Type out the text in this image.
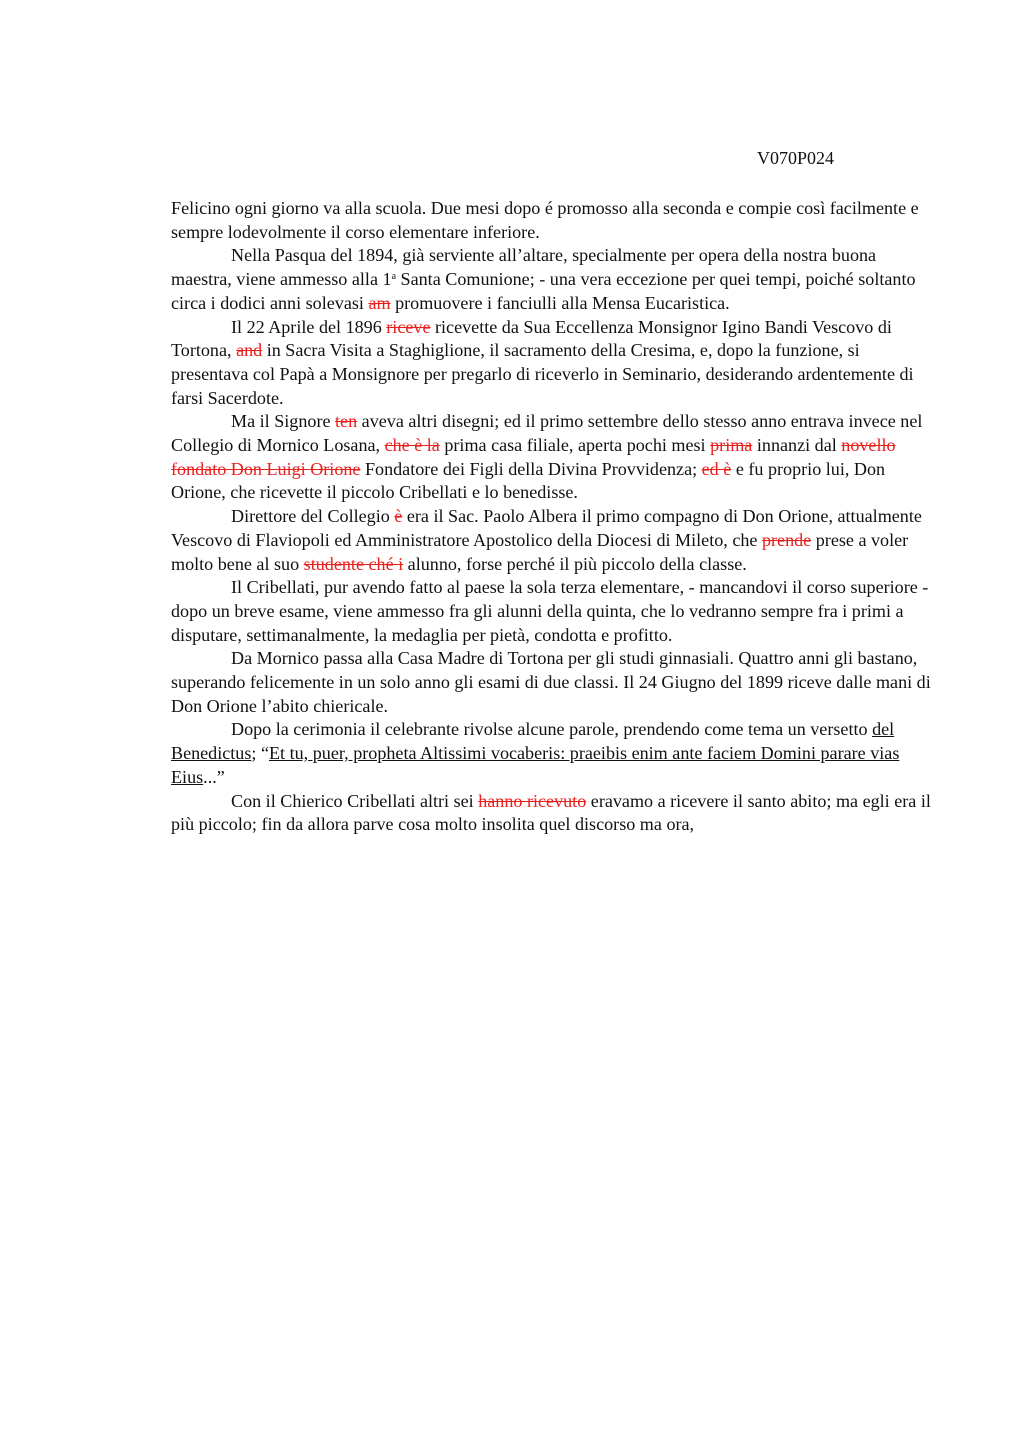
V070P024

Felicino ogni giorno va alla scuola. Due mesi dopo é promosso alla seconda e compie così facilmente e sempre lodevolmente il corso elementare inferiore.

Nella Pasqua del 1894, già serviente all’altare, specialmente per opera della nostra buona maestra, viene ammesso alla 1$^a$ Santa Comunione; - una vera eccezione per quei tempi, poiché soltanto circa i dodici anni solevasi am promuovere i fanciulli alla Mensa Eucaristica.

Il 22 Aprile del 1896 riceve ricevette da Sua Eccellenza Monsignor Igino Bandi Vescovo di Tortona, and in Sacra Visita a Staghiglione, il sacramento della Cresima, e, dopo la funzione, si presentava col Papà a Monsignore per pregarlo di riceverlo in Seminario, desiderando ardentemente di farsi Sacerdote.

Ma il Signore ten aveva altri disegni; ed il primo settembre dello stesso anno entrava invece nel Collegio di Mornico Losana, che è la prima casa filiale, aperta pochi mesi prima innanzi dal novello fondato Don Luigi Orione Fondatore dei Figli della Divina Provvidenza; ed è e fu proprio lui, Don Orione, che ricevette il piccolo Cribellati e lo benedisse.

Direttore del Collegio è era il Sac. Paolo Albera il primo compagno di Don Orione, attualmente Vescovo di Flaviopoli ed Amministratore Apostolico della Diocesi di Mileto, che prende prese a voler molto bene al suo studente ché i alunno, forse perché il più piccolo della classe.

Il Cribellati, pur avendo fatto al paese la sola terza elementare, - mancandovi il corso superiore - dopo un breve esame, viene ammesso fra gli alunni della quinta, che lo vedranno sempre fra i primi a disputare, settimanalmente, la medaglia per pietà, condotta e profitto.

Da Mornico passa alla Casa Madre di Tortona per gli studi ginnasiali. Quattro anni gli bastano, superando felicemente in un solo anno gli esami di due classi. Il 24 Giugno del 1899 riceve dalle mani di Don Orione l’abito chiericale.

Dopo la cerimonia il celebrante rivolse alcune parole, prendendo come tema un versetto del Benedictus; “Et tu, puer, propheta Altissimi vocaberis: praeibis enim ante faciem Domini parare vias Eius...”

Con il Chierico Cribellati altri sei hanno ricevuto eravamo a ricevere il santo abito; ma egli era il più piccolo; fin da allora parve cosa molto insolita quel discorso ma ora,
